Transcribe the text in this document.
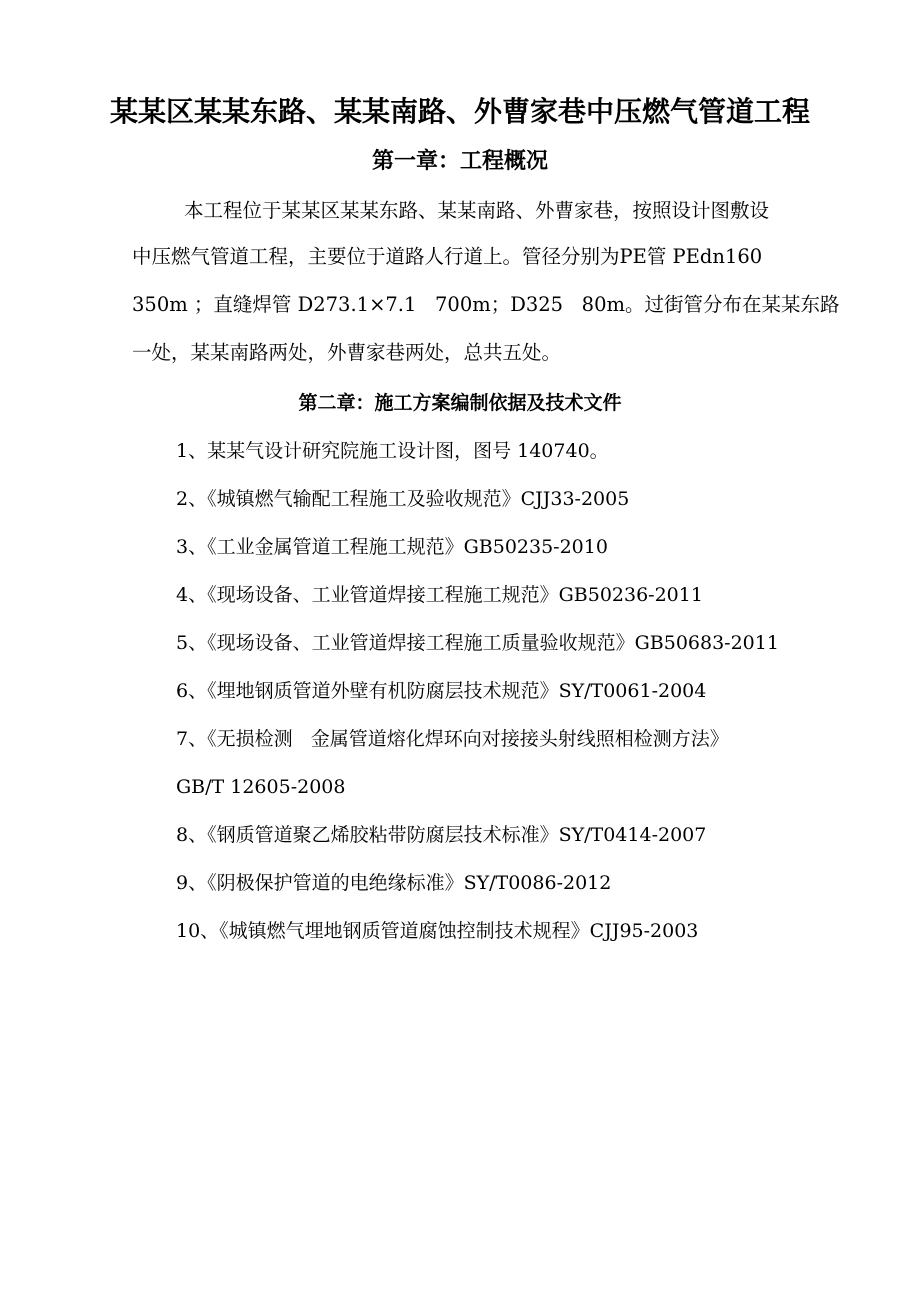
某某区某某东路、某某南路、外曹家巷中压燃气管道工程
第一章：工程概况
本工程位于某某区某某东路、某某南路、外曹家巷，按照设计图敷设
中压燃气管道工程，主要位于道路人行道上。管径分别为PE管 PEdn160
350m ；直缝焊管 D273.1×7.1   700m；D325   80m。过街管分布在某某东路
一处，某某南路两处，外曹家巷两处，总共五处。
第二章：施工方案编制依据及技术文件
1、某某气设计研究院施工设计图，图号 140740。
2、《城镇燃气输配工程施工及验收规范》CJJ33-2005
3、《工业金属管道工程施工规范》GB50235-2010
4、《现场设备、工业管道焊接工程施工规范》GB50236-2011
5、《现场设备、工业管道焊接工程施工质量验收规范》GB50683-2011
6、《埋地钢质管道外壁有机防腐层技术规范》SY/T0061-2004
7、《无损检测   金属管道熔化焊环向对接接头射线照相检测方法》
GB/T 12605-2008
8、《钢质管道聚乙烯胶粘带防腐层技术标准》SY/T0414-2007
9、《阴极保护管道的电绝缘标准》SY/T0086-2012
10、《城镇燃气埋地钢质管道腐蚀控制技术规程》CJJ95-2003
